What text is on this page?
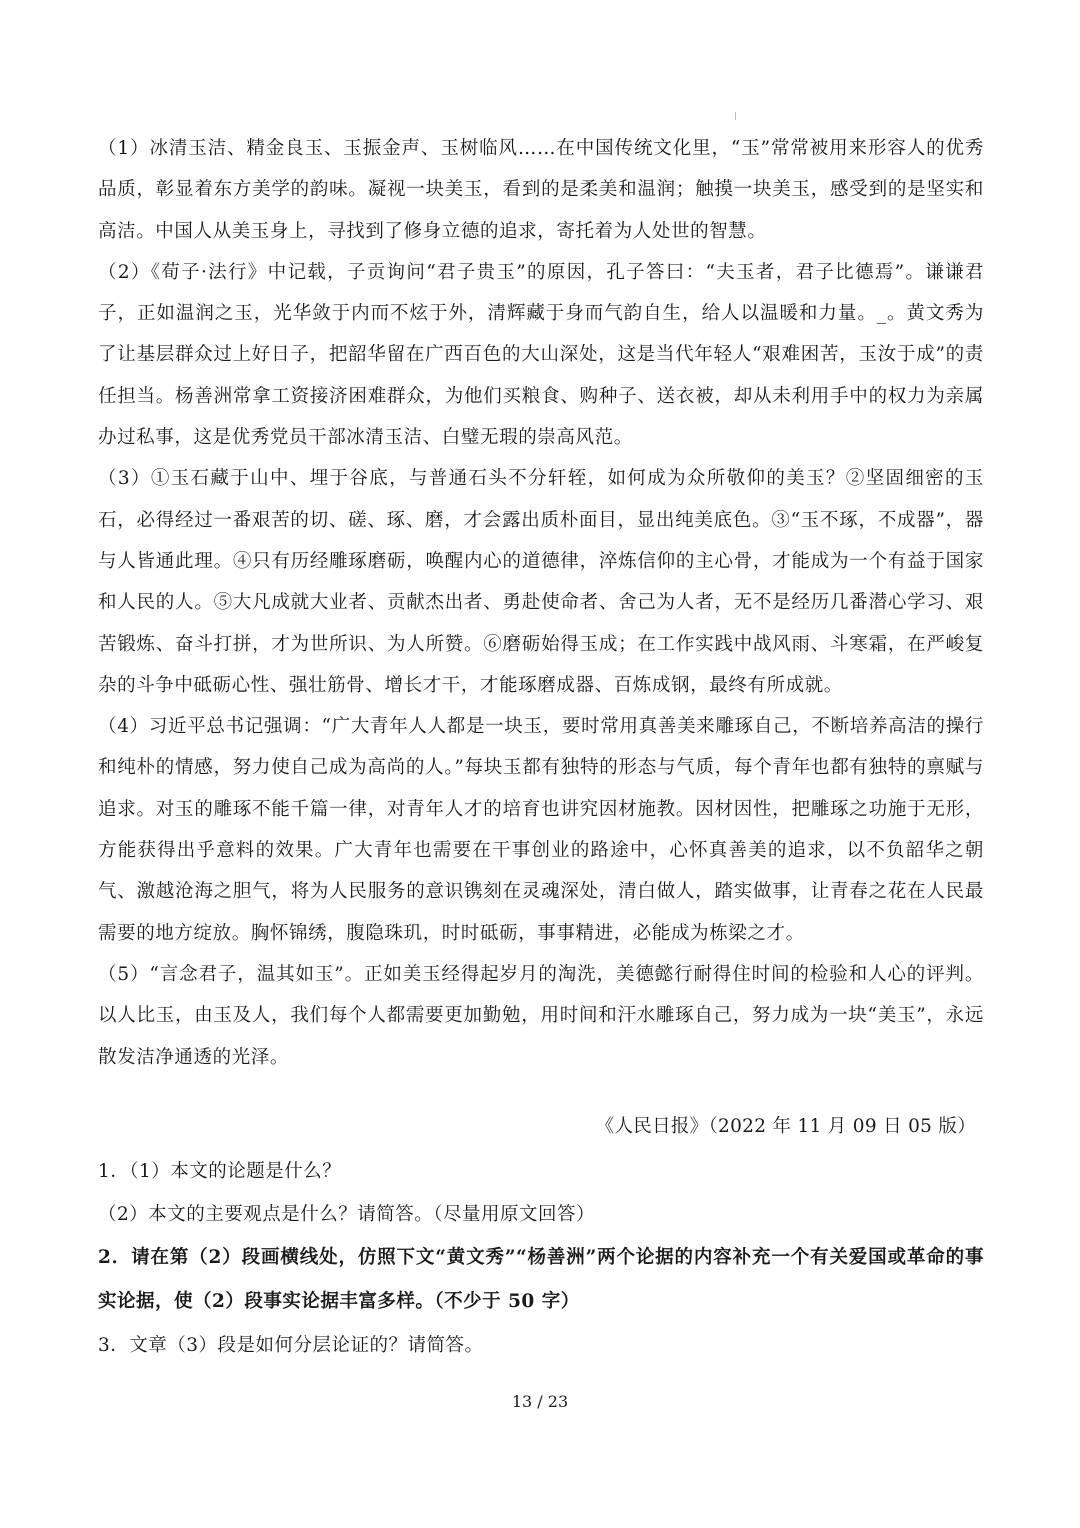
（1）冰清玉洁、精金良玉、玉振金声、玉树临风……在中国传统文化里，“玉”常常被用来形容人的优秀品质，彰显着东方美学的韵味。凝视一块美玉，看到的是柔美和温润；触摸一块美玉，感受到的是坚实和高洁。中国人从美玉身上，寻找到了修身立德的追求，寄托着为人处世的智慧。

（2）《荀子·法行》中记载，子贡询问“君子贵玉”的原因，孔子答曰：“夫玉者，君子比德焉”。谦谦君子，正如温润之玉，光华敛于内而不炫于外，清辉藏于身而气韵自生，给人以温暖和力量。_。黄文秀为了让基层群众过上好日子，把韶华留在广西百色的大山深处，这是当代年轻人“艰难困苦，玉汝于成”的责任担当。杨善洲常拿工资接济困难群众，为他们买粮食、购种子、送衣被，却从未利用手中的权力为亲属办过私事，这是优秀党员干部冰清玉洁、白璧无瑕的崇高风范。

（3）①玉石藏于山中、埋于谷底，与普通石头不分轩轾，如何成为众所敬仰的美玉？②坚固细密的玉石，必得经过一番艰苦的切、磋、琢、磨，才会露出质朴面目，显出纯美底色。③“玉不琢，不成器”，器与人皆通此理。④只有历经雕琢磨砺，唤醒内心的道德律，淬炼信仰的主心骨，才能成为一个有益于国家和人民的人。⑤大凡成就大业者、贡献杰出者、勇赴使命者、舍己为人者，无不是经历几番潜心学习、艰苦锻炼、奋斗打拼，才为世所识、为人所赞。⑥磨砺始得玉成；在工作实践中战风雨、斗寒霜，在严峻复杂的斗争中砥砺心性、强壮筋骨、增长才干，才能琢磨成器、百炼成钢，最终有所成就。

（4）习近平总书记强调：“广大青年人人都是一块玉，要时常用真善美来雕琢自己，不断培养高洁的操行和纯朴的情感，努力使自己成为高尚的人。”每块玉都有独特的形态与气质，每个青年也都有独特的禀赋与追求。对玉的雕琢不能千篇一律，对青年人才的培育也讲究因材施教。因材因性，把雕琢之功施于无形，方能获得出乎意料的效果。广大青年也需要在干事创业的路途中，心怀真善美的追求，以不负韶华之朝气、激越沧海之胆气，将为人民服务的意识镌刻在灵魂深处，清白做人，踏实做事，让青春之花在人民最需要的地方绽放。胸怀锦绣，腹隐珠玑，时时砥砺，事事精进，必能成为栋梁之才。

（5）“言念君子，温其如玉”。正如美玉经得起岁月的淘洗，美德懿行耐得住时间的检验和人心的评判。以人比玉，由玉及人，我们每个人都需要更加勤勉，用时间和汗水雕琢自己，努力成为一块“美玉”，永远散发洁净通透的光泽。

《人民日报》（2022 年 11 月 09 日 05 版）

1．（1）本文的论题是什么？

（2）本文的主要观点是什么？请简答。（尽量用原文回答）

2．请在第（2）段画横线处，仿照下文“黄文秀”“杨善洲”两个论据的内容补充一个有关爱国或革命的事实论据，使（2）段事实论据丰富多样。（不少于 50 字）

3．文章（3）段是如何分层论证的？请简答。

13 / 23
